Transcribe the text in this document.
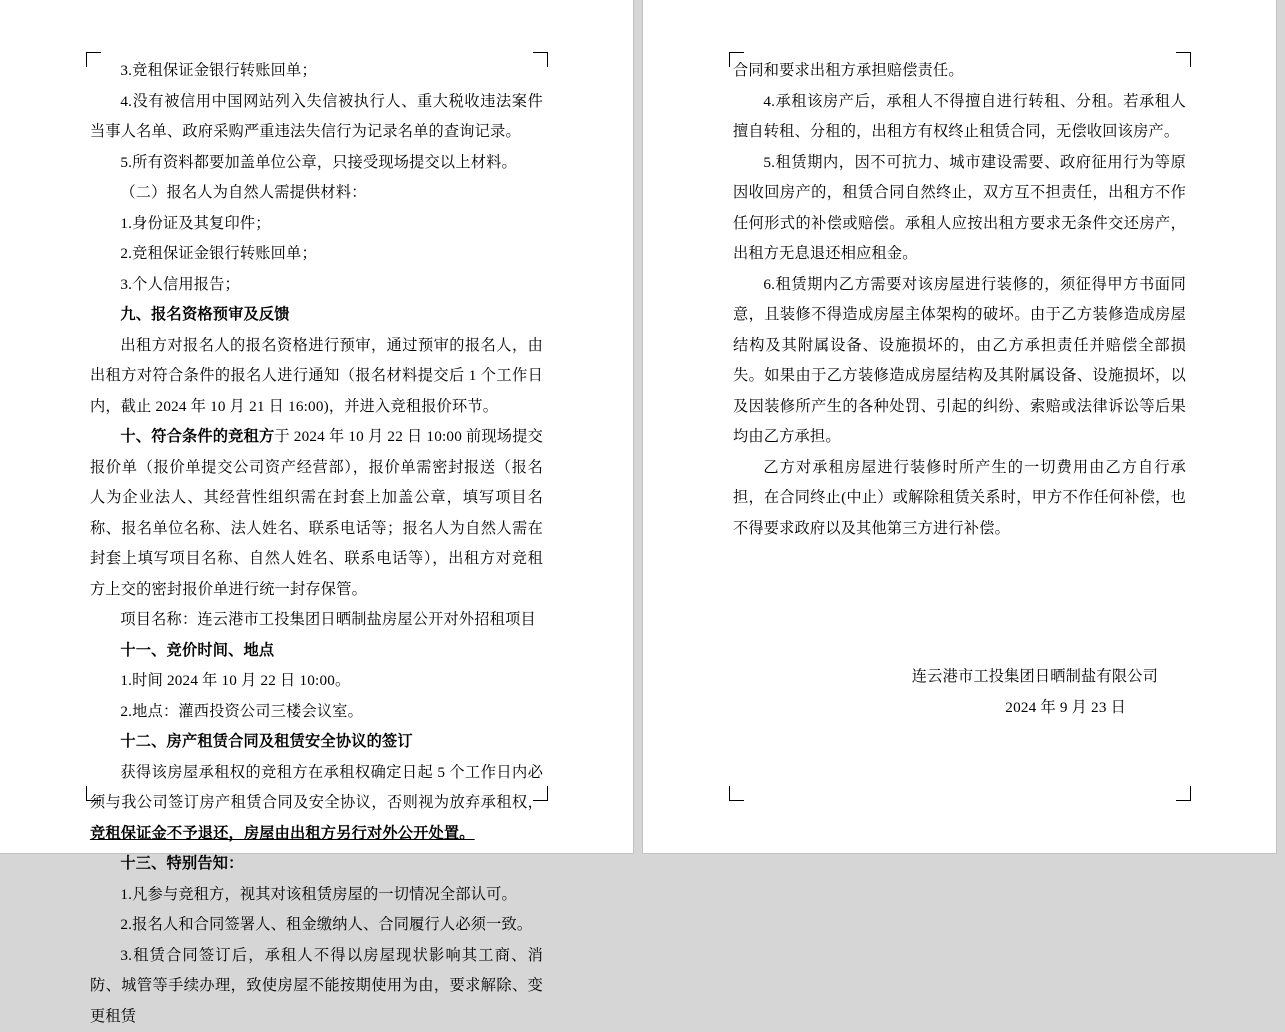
3.竞租保证金银行转账回单；

4.没有被信用中国网站列入失信被执行人、重大税收违法案件当事人名单、政府采购严重违法失信行为记录名单的查询记录。

5.所有资料都要加盖单位公章，只接受现场提交以上材料。

（二）报名人为自然人需提供材料：

1.身份证及其复印件；

2.竞租保证金银行转账回单；

3.个人信用报告；

九、报名资格预审及反馈

出租方对报名人的报名资格进行预审，通过预审的报名人，由出租方对符合条件的报名人进行通知（报名材料提交后 1 个工作日内，截止 2024 年 10 月 21 日 16:00)，并进入竞租报价环节。

十、符合条件的竞租方于 2024 年 10 月 22 日 10:00 前现场提交报价单（报价单提交公司资产经营部），报价单需密封报送（报名人为企业法人、其经营性组织需在封套上加盖公章，填写项目名称、报名单位名称、法人姓名、联系电话等；报名人为自然人需在封套上填写项目名称、自然人姓名、联系电话等），出租方对竞租方上交的密封报价单进行统一封存保管。

项目名称：连云港市工投集团日晒制盐房屋公开对外招租项目

十一、竞价时间、地点

1.时间 2024 年 10 月 22 日 10:00。

2.地点：灌西投资公司三楼会议室。

十二、房产租赁合同及租赁安全协议的签订

获得该房屋承租权的竞租方在承租权确定日起 5 个工作日内必须与我公司签订房产租赁合同及安全协议，否则视为放弃承租权，竞租保证金不予退还，房屋由出租方另行对外公开处置。

十三、特别告知：

1.凡参与竞租方，视其对该租赁房屋的一切情况全部认可。

2.报名人和合同签署人、租金缴纳人、合同履行人必须一致。

3.租赁合同签订后，承租人不得以房屋现状影响其工商、消防、城管等手续办理，致使房屋不能按期使用为由，要求解除、变更租赁

合同和要求出租方承担赔偿责任。

4.承租该房产后，承租人不得擅自进行转租、分租。若承租人擅自转租、分租的，出租方有权终止租赁合同，无偿收回该房产。

5.租赁期内，因不可抗力、城市建设需要、政府征用行为等原因收回房产的，租赁合同自然终止，双方互不担责任，出租方不作任何形式的补偿或赔偿。承租人应按出租方要求无条件交还房产，出租方无息退还相应租金。

6.租赁期内乙方需要对该房屋进行装修的，须征得甲方书面同意，且装修不得造成房屋主体架构的破坏。由于乙方装修造成房屋结构及其附属设备、设施损坏的，由乙方承担责任并赔偿全部损失。如果由于乙方装修造成房屋结构及其附属设备、设施损坏，以及因装修所产生的各种处罚、引起的纠纷、索赔或法律诉讼等后果均由乙方承担。

乙方对承租房屋进行装修时所产生的一切费用由乙方自行承担，在合同终止(中止）或解除租赁关系时，甲方不作任何补偿，也不得要求政府以及其他第三方进行补偿。

连云港市工投集团日晒制盐有限公司

2024 年 9 月 23 日
